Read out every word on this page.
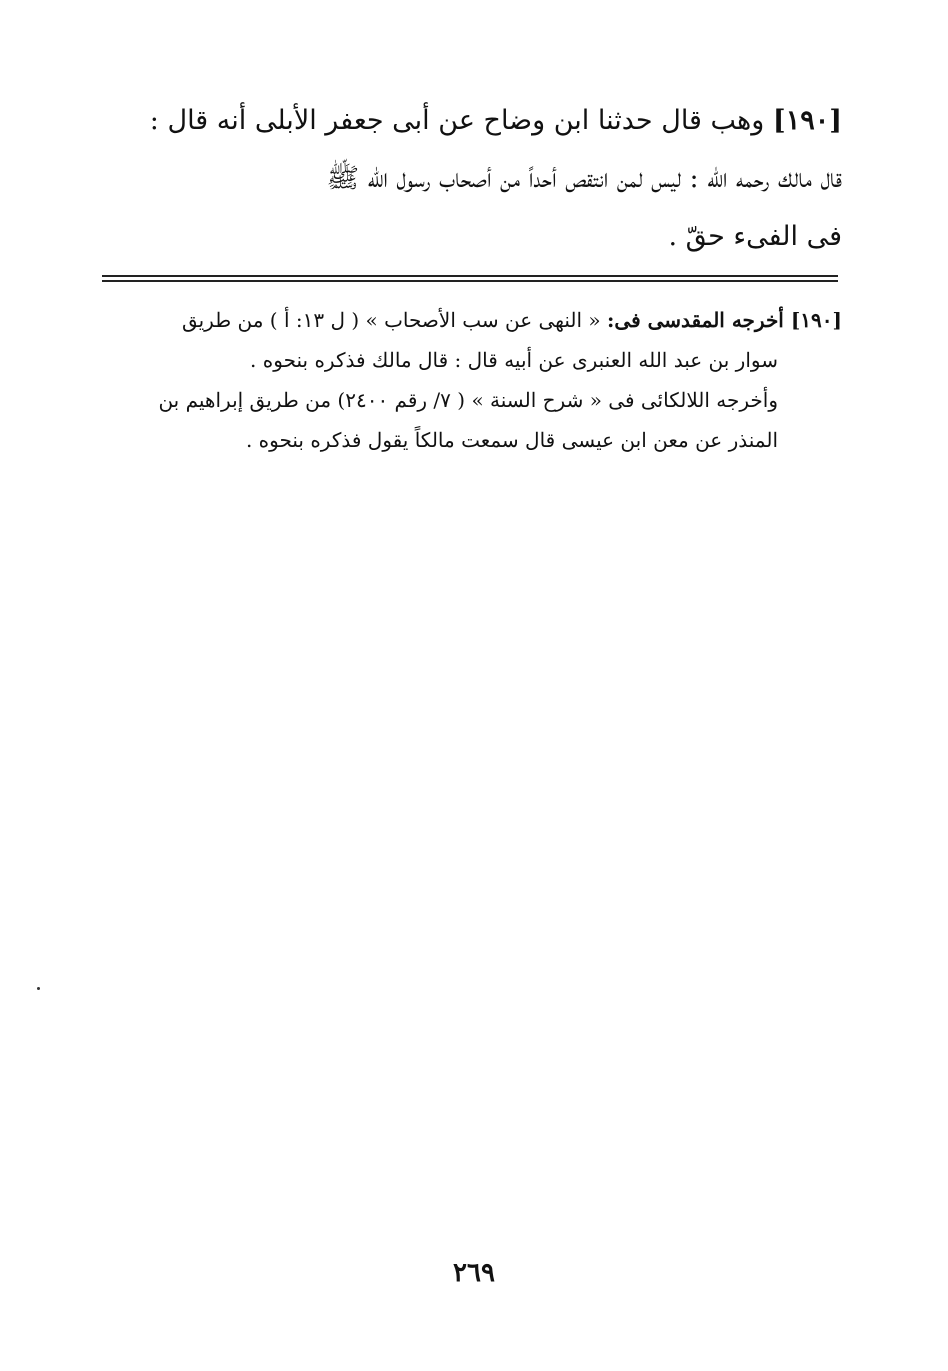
[١٩٠] وهب قال حدثنا ابن وضاح عن أبى جعفر الأبلى أنه قال :

قال مالك رحمه الله : ليس لمن انتقص أحداً من أصحاب رسول الله ﷺ

فى الفىء حقّ .

[١٩٠] أخرجه المقدسى فى: « النهى عن سب الأصحاب » ( ل ١٣: أ ) من طريق

سوار بن عبد الله العنبرى عن أبيه قال : قال مالك فذكره بنحوه .

وأخرجه اللالكائى فى « شرح السنة » ( ٧/ رقم ٢٤٠٠) من طريق إبراهيم بن

المنذر عن معن ابن عيسى قال سمعت مالكاً يقول فذكره بنحوه .

٢٦٩
